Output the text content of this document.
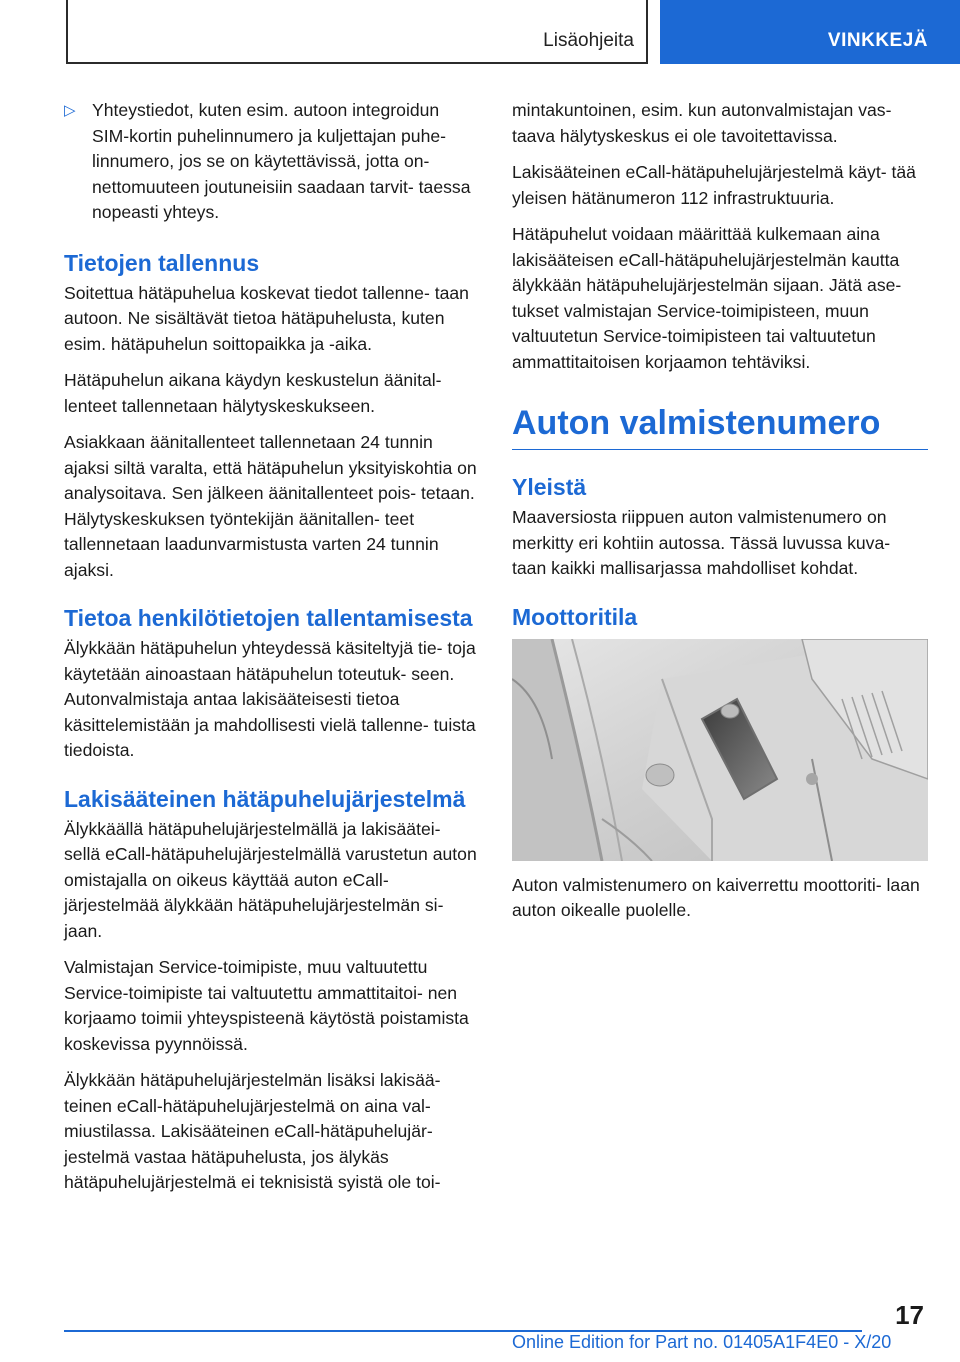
Lisäohjeita	VINKKEJÄ

▷ Yhteystiedot, kuten esim. autoon integroidun SIM-kortin puhelinnumero ja kuljettajan puhe- linnumero, jos se on käytettävissä, jotta on- nettomuuteen joutuneisiin saadaan tarvit- taessa nopeasti yhteys.

Tietojen tallennus

Soitettua hätäpuhelua koskevat tiedot tallenne- taan autoon. Ne sisältävät tietoa hätäpuhelusta, kuten esim. hätäpuhelun soittopaikka ja -aika.

Hätäpuhelun aikana käydyn keskustelun äänital- lenteet tallennetaan hälytyskeskukseen.

Asiakkaan äänitallenteet tallennetaan 24 tunnin ajaksi siltä varalta, että hätäpuhelun yksityiskohtia on analysoitava. Sen jälkeen äänitallenteet pois- tetaan. Hälytyskeskuksen työntekijän äänitallen- teet tallennetaan laadunvarmistusta varten 24 tunnin ajaksi.

Tietoa henkilötietojen tallentamisesta

Älykkään hätäpuhelun yhteydessä käsiteltyjä tie- toja käytetään ainoastaan hätäpuhelun toteutuk- seen. Autonvalmistaja antaa lakisääteisesti tietoa käsittelemistään ja mahdollisesti vielä tallenne- tuista tiedoista.

Lakisääteinen hätäpuhelujärjestelmä

Älykkäällä hätäpuhelujärjestelmällä ja lakisäätei- sellä eCall-hätäpuhelujärjestelmällä varustetun auton omistajalla on oikeus käyttää auton eCall- järjestelmää älykkään hätäpuhelujärjestelmän si- jaan.

Valmistajan Service-toimipiste, muu valtuutettu Service-toimipiste tai valtuutettu ammattitaitoi- nen korjaamo toimii yhteyspisteenä käytöstä poistamista koskevissa pyynnöissä.

Älykkään hätäpuhelujärjestelmän lisäksi lakisää- teinen eCall-hätäpuhelujärjestelmä on aina val- miustilassa. Lakisääteinen eCall-hätäpuhelujär- jestelmä vastaa hätäpuhelusta, jos älykäs hätäpuhelujärjestelmä ei teknisistä syistä ole toi-

mintakuntoinen, esim. kun autonvalmistajan vas- taava hälytyskeskus ei ole tavoitettavissa.

Lakisääteinen eCall-hätäpuhelujärjestelmä käyt- tää yleisen hätänumeron 112 infrastruktuuria.

Hätäpuhelut voidaan määrittää kulkemaan aina lakisääteisen eCall-hätäpuhelujärjestelmän kautta älykkään hätäpuhelujärjestelmän sijaan. Jätä ase- tukset valmistajan Service-toimipisteen, muun valtuutetun Service-toimipisteen tai valtuutetun ammattitaitoisen korjaamon tehtäviksi.

Auton valmistenumero
Yleistä

Maaversiosta riippuen auton valmistenumero on merkitty eri kohtiin autossa. Tässä luvussa kuva- taan kaikki mallisarjassa mahdolliset kohdat.

Moottoritila

Auton valmistenumero on kaiverrettu moottoriti- laan auton oikealle puolelle.

17
Online Edition for Part no. 01405A1F4E0 - X/20
